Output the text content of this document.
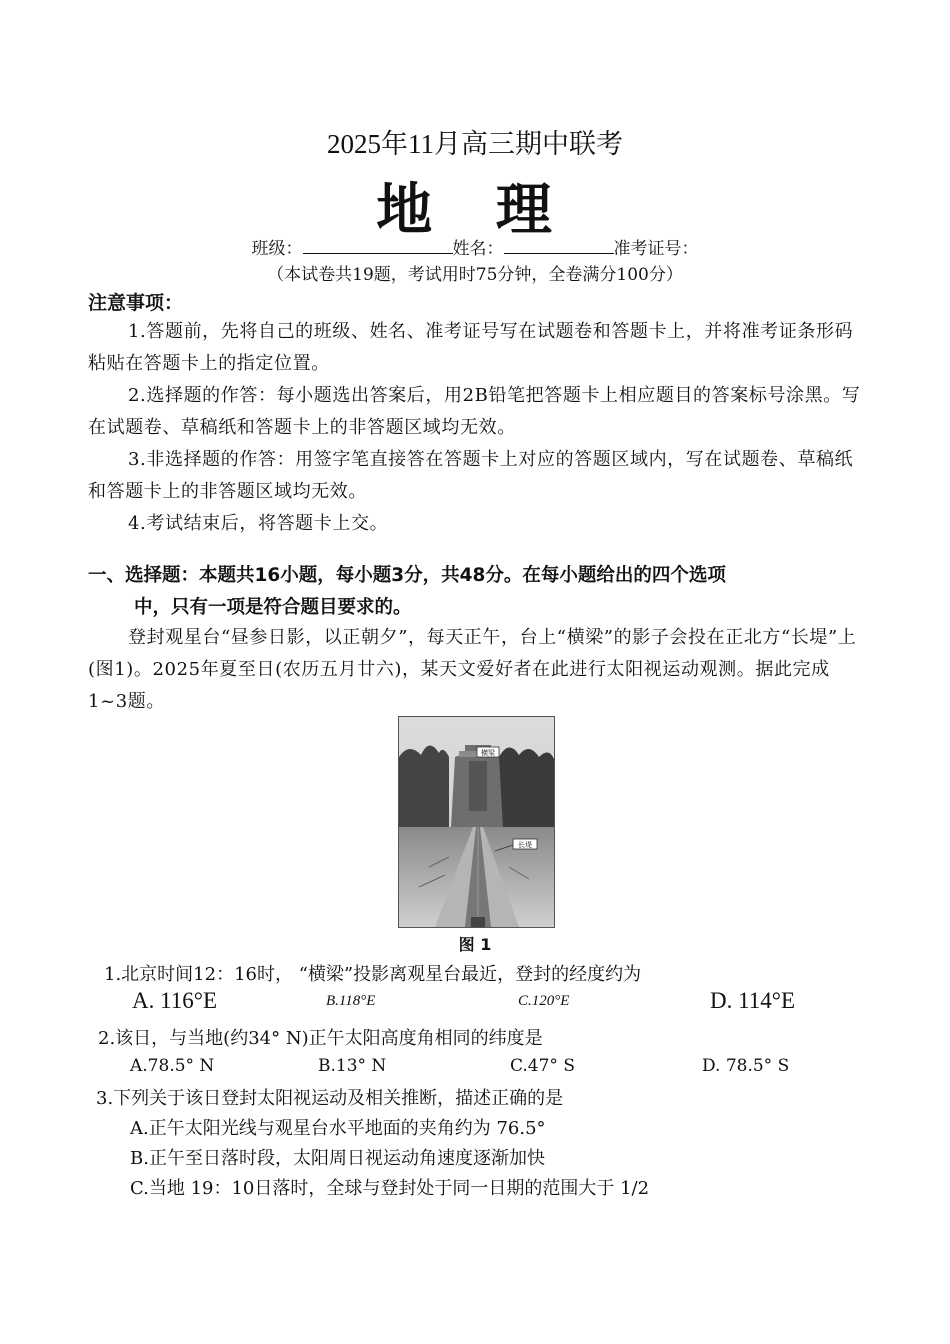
2025年11月高三期中联考
地 理
班级：	姓名：	准考证号：
（本试卷共19题，考试用时75分钟，全卷满分100分）
注意事项：
1.答题前，先将自己的班级、姓名、准考证号写在试题卷和答题卡上，并将准考证条形码粘贴在答题卡上的指定位置。
2.选择题的作答：每小题选出答案后，用2B铅笔把答题卡上相应题目的答案标号涂黑。写在试题卷、草稿纸和答题卡上的非答题区域均无效。
3.非选择题的作答：用签字笔直接答在答题卡上对应的答题区域内，写在试题卷、草稿纸和答题卡上的非答题区域均无效。
4.考试结束后，将答题卡上交。
一、选择题：本题共16小题，每小题3分，共48分。在每小题给出的四个选项
中，只有一项是符合题目要求的。
登封观星台“昼参日影，以正朝夕”，每天正午，台上“横梁”的影子会投在正北方“长堤”上(图1)。2025年夏至日(农历五月廿六)，某天文爱好者在此进行太阳视运动观测。据此完成1~3题。
横梁
长堤
图 1
1.北京时间12：16时， “横梁”投影离观星台最近，登封的经度约为
A. 116°E	B.118°E	C.120°E	D. 114°E
2.该日，与当地(约34° N)正午太阳高度角相同的纬度是
A.78.5° N	B.13° N	C.47° S	D. 78.5° S
3.下列关于该日登封太阳视运动及相关推断，描述正确的是
A.正午太阳光线与观星台水平地面的夹角约为 76.5°
B.正午至日落时段，太阳周日视运动角速度逐渐加快
C.当地 19：10日落时，全球与登封处于同一日期的范围大于 1/2
